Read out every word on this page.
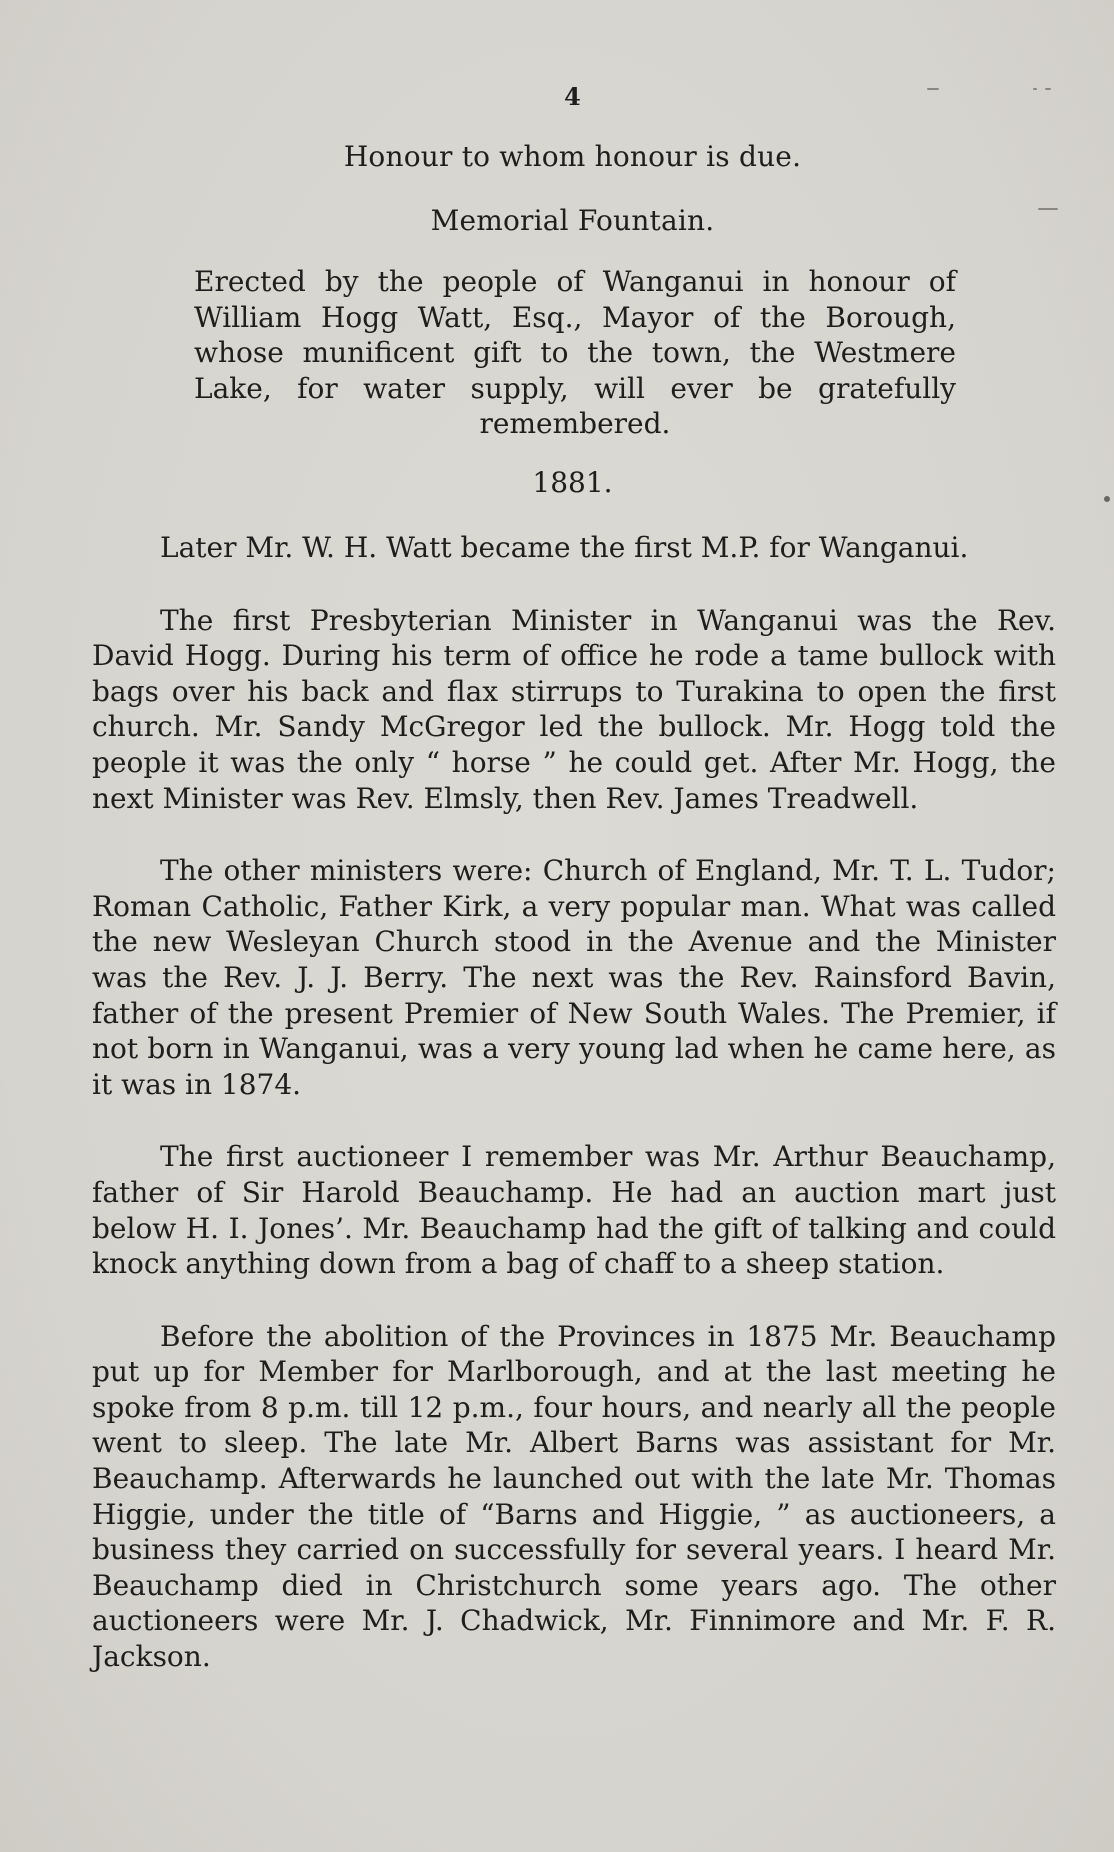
4
Honour to whom honour is due.
Memorial Fountain.
Erected by the people of Wanganui in honour of William Hogg Watt, Esq., Mayor of the Borough, whose munificent gift to the town, the Westmere Lake, for water supply, will ever be gratefully remembered.
1881.

Later Mr. W. H. Watt became the first M.P. for Wanganui.

The first Presbyterian Minister in Wanganui was the Rev. David Hogg. During his term of office he rode a tame bullock with bags over his back and flax stirrups to Turakina to open the first church. Mr. Sandy McGregor led the bullock. Mr. Hogg told the people it was the only “ horse ” he could get. After Mr. Hogg, the next Minister was Rev. Elmsly, then Rev. James Treadwell.

The other ministers were: Church of England, Mr. T. L. Tudor; Roman Catholic, Father Kirk, a very popular man. What was called the new Wesleyan Church stood in the Avenue and the Minister was the Rev. J. J. Berry. The next was the Rev. Rainsford Bavin, father of the present Premier of New South Wales. The Premier, if not born in Wanganui, was a very young lad when he came here, as it was in 1874.

The first auctioneer I remember was Mr. Arthur Beauchamp, father of Sir Harold Beauchamp. He had an auction mart just below H. I. Jones’. Mr. Beauchamp had the gift of talking and could knock anything down from a bag of chaff to a sheep station.

Before the abolition of the Provinces in 1875 Mr. Beauchamp put up for Member for Marlborough, and at the last meeting he spoke from 8 p.m. till 12 p.m., four hours, and nearly all the people went to sleep. The late Mr. Albert Barns was assistant for Mr. Beauchamp. Afterwards he launched out with the late Mr. Thomas Higgie, under the title of “Barns and Higgie, ” as auctioneers, a business they carried on successfully for several years. I heard Mr. Beauchamp died in Christchurch some years ago. The other auctioneers were Mr. J. Chadwick, Mr. Finnimore and Mr. F. R. Jackson.
